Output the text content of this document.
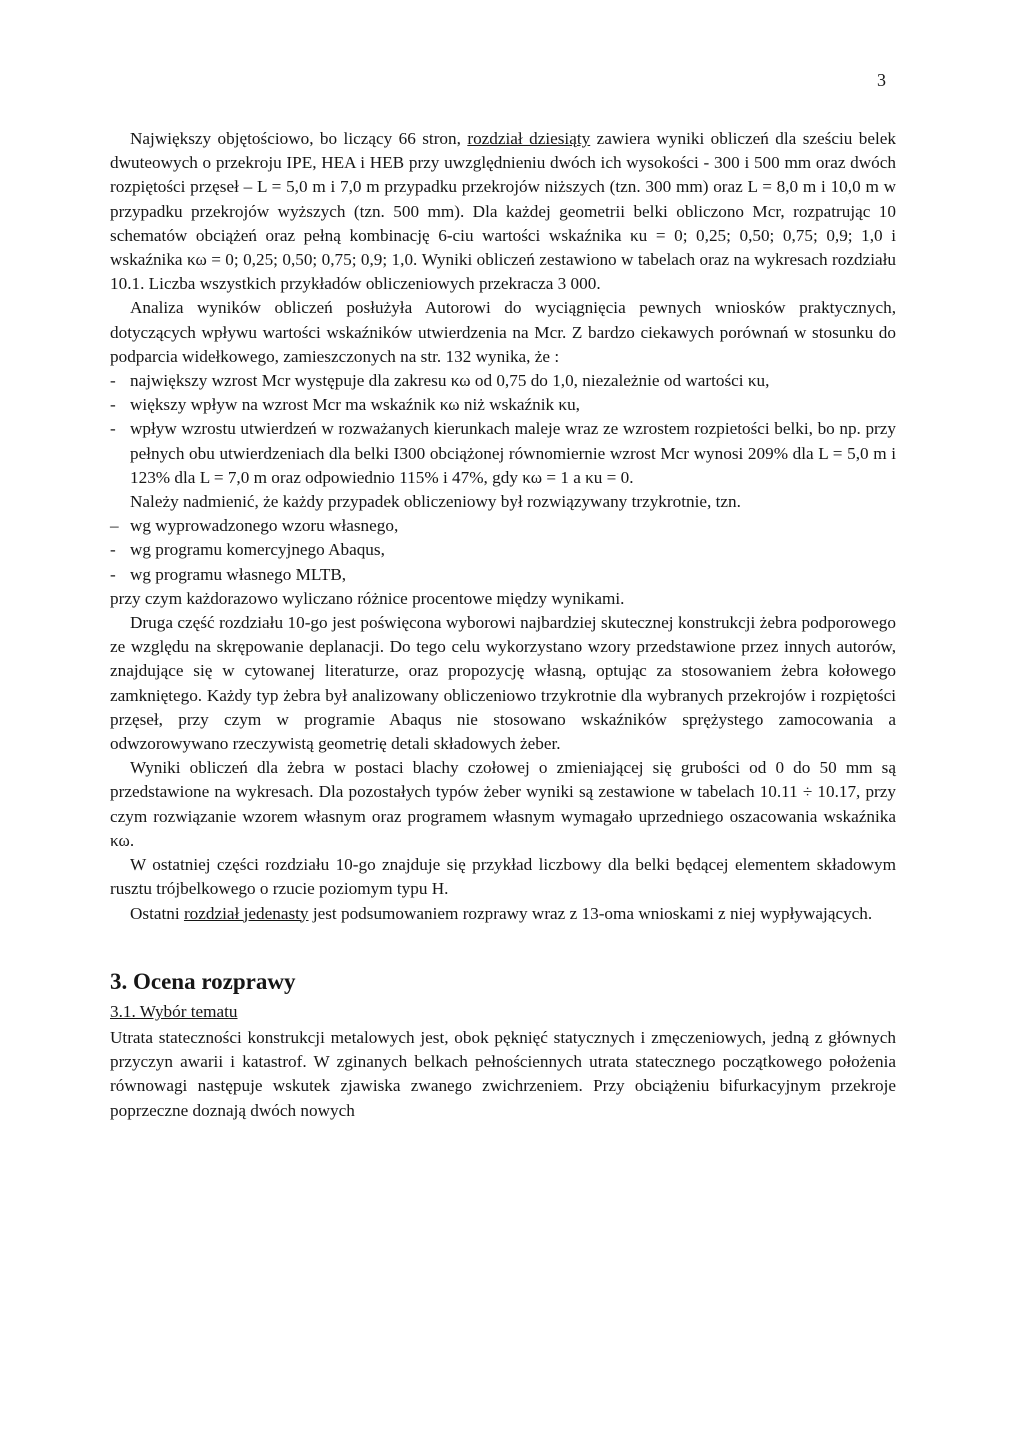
3

Największy objętościowo, bo liczący 66 stron, rozdział dziesiąty zawiera wyniki obliczeń dla sześciu belek dwuteowych o przekroju IPE, HEA i HEB przy uwzględnieniu dwóch ich wysokości - 300 i 500 mm oraz dwóch rozpiętości przęseł – L = 5,0 m i 7,0 m przypadku przekrojów niższych (tzn. 300 mm) oraz L = 8,0 m i 10,0 m w przypadku przekrojów wyższych (tzn. 500 mm). Dla każdej geometrii belki obliczono Mcr, rozpatrując 10 schematów obciążeń oraz pełną kombinację 6-ciu wartości wskaźnika κu = 0; 0,25; 0,50; 0,75; 0,9; 1,0 i wskaźnika κω = 0; 0,25; 0,50; 0,75; 0,9; 1,0. Wyniki obliczeń zestawiono w tabelach oraz na wykresach rozdziału 10.1. Liczba wszystkich przykładów obliczeniowych przekracza 3 000.

Analiza wyników obliczeń posłużyła Autorowi do wyciągnięcia pewnych wniosków praktycznych, dotyczących wpływu wartości wskaźników utwierdzenia na Mcr. Z bardzo ciekawych porównań w stosunku do podparcia widełkowego, zamieszczonych na str. 132 wynika, że :

- największy wzrost Mcr występuje dla zakresu κω od 0,75 do 1,0, niezależnie od wartości κu,
- większy wpływ na wzrost Mcr ma wskaźnik κω niż wskaźnik κu,
- wpływ wzrostu utwierdzeń w rozważanych kierunkach maleje wraz ze wzrostem rozpietości belki, bo np. przy pełnych obu utwierdzeniach dla belki I300 obciążonej równomiernie wzrost Mcr wynosi 209% dla L = 5,0 m i 123% dla L = 7,0 m oraz odpowiednio 115% i 47%, gdy κω = 1 a κu = 0.

Należy nadmienić, że każdy przypadek obliczeniowy był rozwiązywany trzykrotnie, tzn.

– wg wyprowadzonego wzoru własnego,
- wg programu komercyjnego Abaqus,
- wg programu własnego MLTB,

przy czym każdorazowo wyliczano różnice procentowe między wynikami.

Druga część rozdziału 10-go jest poświęcona wyborowi najbardziej skutecznej konstrukcji żebra podporowego ze względu na skrępowanie deplanacji. Do tego celu wykorzystano wzory przedstawione przez innych autorów, znajdujące się w cytowanej literaturze, oraz propozycję własną, optując za stosowaniem żebra kołowego zamkniętego. Każdy typ żebra był analizowany obliczeniowo trzykrotnie dla wybranych przekrojów i rozpiętości przęseł, przy czym w programie Abaqus nie stosowano wskaźników sprężystego zamocowania a odwzorowywano rzeczywistą geometrię detali składowych żeber.

Wyniki obliczeń dla żebra w postaci blachy czołowej o zmieniającej się grubości od 0 do 50 mm są przedstawione na wykresach. Dla pozostałych typów żeber wyniki są zestawione w tabelach 10.11 ÷ 10.17, przy czym rozwiązanie wzorem własnym oraz programem własnym wymagało uprzedniego oszacowania wskaźnika κω.

W ostatniej części rozdziału 10-go znajduje się przykład liczbowy dla belki będącej elementem składowym rusztu trójbelkowego o rzucie poziomym typu H.

Ostatni rozdział jedenasty jest podsumowaniem rozprawy wraz z 13-oma wnioskami z niej wypływających.

3. Ocena rozprawy
3.1. Wybór tematu

Utrata stateczności konstrukcji metalowych jest, obok pęknięć statycznych i zmęczeniowych, jedną z głównych przyczyn awarii i katastrof. W zginanych belkach pełnościennych utrata statecznego początkowego położenia równowagi następuje wskutek zjawiska zwanego zwichrzeniem. Przy obciążeniu bifurkacyjnym przekroje poprzeczne doznają dwóch nowych
